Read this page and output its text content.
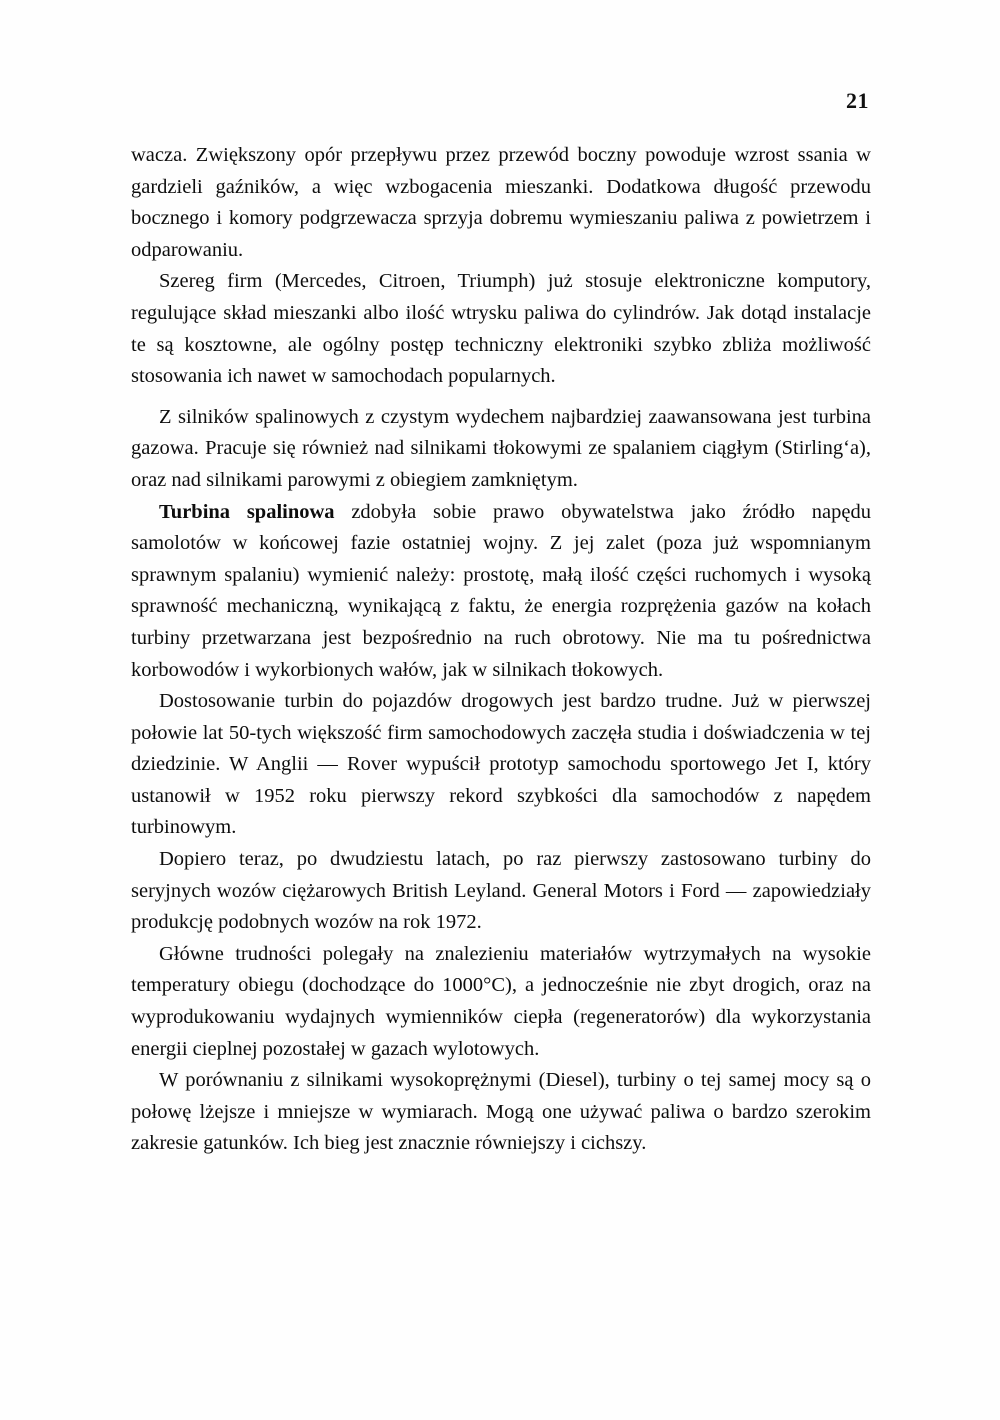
21

wacza. Zwiększony opór przepływu przez przewód boczny powoduje wzrost ssania w gardzieli gaźników, a więc wzbogacenia mieszanki. Dodatkowa długość przewodu bocznego i komory podgrzewacza sprzyja dobremu wymieszaniu paliwa z powietrzem i odparowaniu.

Szereg firm (Mercedes, Citroen, Triumph) już stosuje elektroniczne komputory, regulujące skład mieszanki albo ilość wtrysku paliwa do cylindrów. Jak dotąd instalacje te są kosztowne, ale ogólny postęp techniczny elektroniki szybko zbliża możliwość stosowania ich nawet w samochodach popularnych.

Z silników spalinowych z czystym wydechem najbardziej zaawansowana jest turbina gazowa. Pracuje się również nad silnikami tłokowymi ze spalaniem ciągłym (Stirling‘a), oraz nad silnikami parowymi z obiegiem zamkniętym.

Turbina spalinowa zdobyła sobie prawo obywatelstwa jako źródło napędu samolotów w końcowej fazie ostatniej wojny. Z jej zalet (poza już wspomnianym sprawnym spalaniu) wymienić należy: prostotę, małą ilość części ruchomych i wysoką sprawność mechaniczną, wynikającą z faktu, że energia rozprężenia gazów na kołach turbiny przetwarzana jest bezpośrednio na ruch obrotowy. Nie ma tu pośrednictwa korbowodów i wykorbionych wałów, jak w silnikach tłokowych.

Dostosowanie turbin do pojazdów drogowych jest bardzo trudne. Już w pierwszej połowie lat 50-tych większość firm samochodowych zaczęła studia i doświadczenia w tej dziedzinie. W Anglii — Rover wypuścił prototyp samochodu sportowego Jet I, który ustanowił w 1952 roku pierwszy rekord szybkości dla samochodów z napędem turbinowym.

Dopiero teraz, po dwudziestu latach, po raz pierwszy zastosowano turbiny do seryjnych wozów ciężarowych British Leyland. General Motors i Ford — zapowiedziały produkcję podobnych wozów na rok 1972.

Główne trudności polegały na znalezieniu materiałów wytrzymałych na wysokie temperatury obiegu (dochodzące do 1000°C), a jednocześnie nie zbyt drogich, oraz na wyprodukowaniu wydajnych wymienników ciepła (regeneratorów) dla wykorzystania energii cieplnej pozostałej w gazach wylotowych.

W porównaniu z silnikami wysokoprężnymi (Diesel), turbiny o tej samej mocy są o połowę lżejsze i mniejsze w wymiarach. Mogą one używać paliwa o bardzo szerokim zakresie gatunków. Ich bieg jest znacznie równiejszy i cichszy.
